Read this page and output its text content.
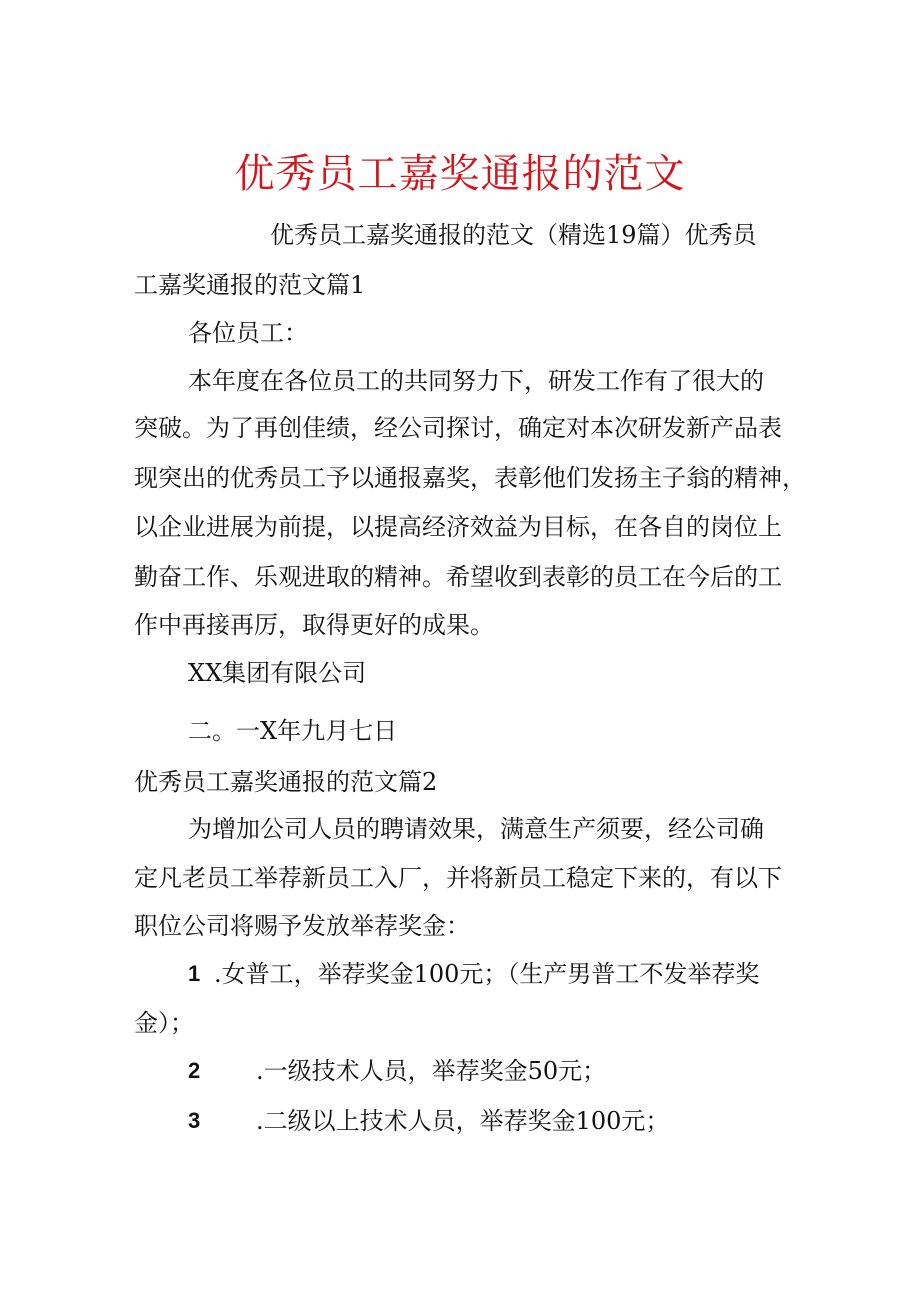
优秀员工嘉奖通报的范文
优秀员工嘉奖通报的范文（精选19篇）优秀员
工嘉奖通报的范文篇1
各位员工：
本年度在各位员工的共同努力下，研发工作有了很大的
突破。为了再创佳绩，经公司探讨，确定对本次研发新产品表
现突出的优秀员工予以通报嘉奖，表彰他们发扬主子翁的精神，
以企业进展为前提，以提高经济效益为目标，在各自的岗位上
勤奋工作、乐观进取的精神。希望收到表彰的员工在今后的工
作中再接再厉，取得更好的成果。
XX集团有限公司
二。一X年九月七日
优秀员工嘉奖通报的范文篇2
为增加公司人员的聘请效果，满意生产须要，经公司确
定凡老员工举荐新员工入厂，并将新员工稳定下来的，有以下
职位公司将赐予发放举荐奖金：
1 .女普工，举荐奖金100元；（生产男普工不发举荐奖
金）；
2 .一级技术人员，举荐奖金50元；
3 .二级以上技术人员，举荐奖金100元；
